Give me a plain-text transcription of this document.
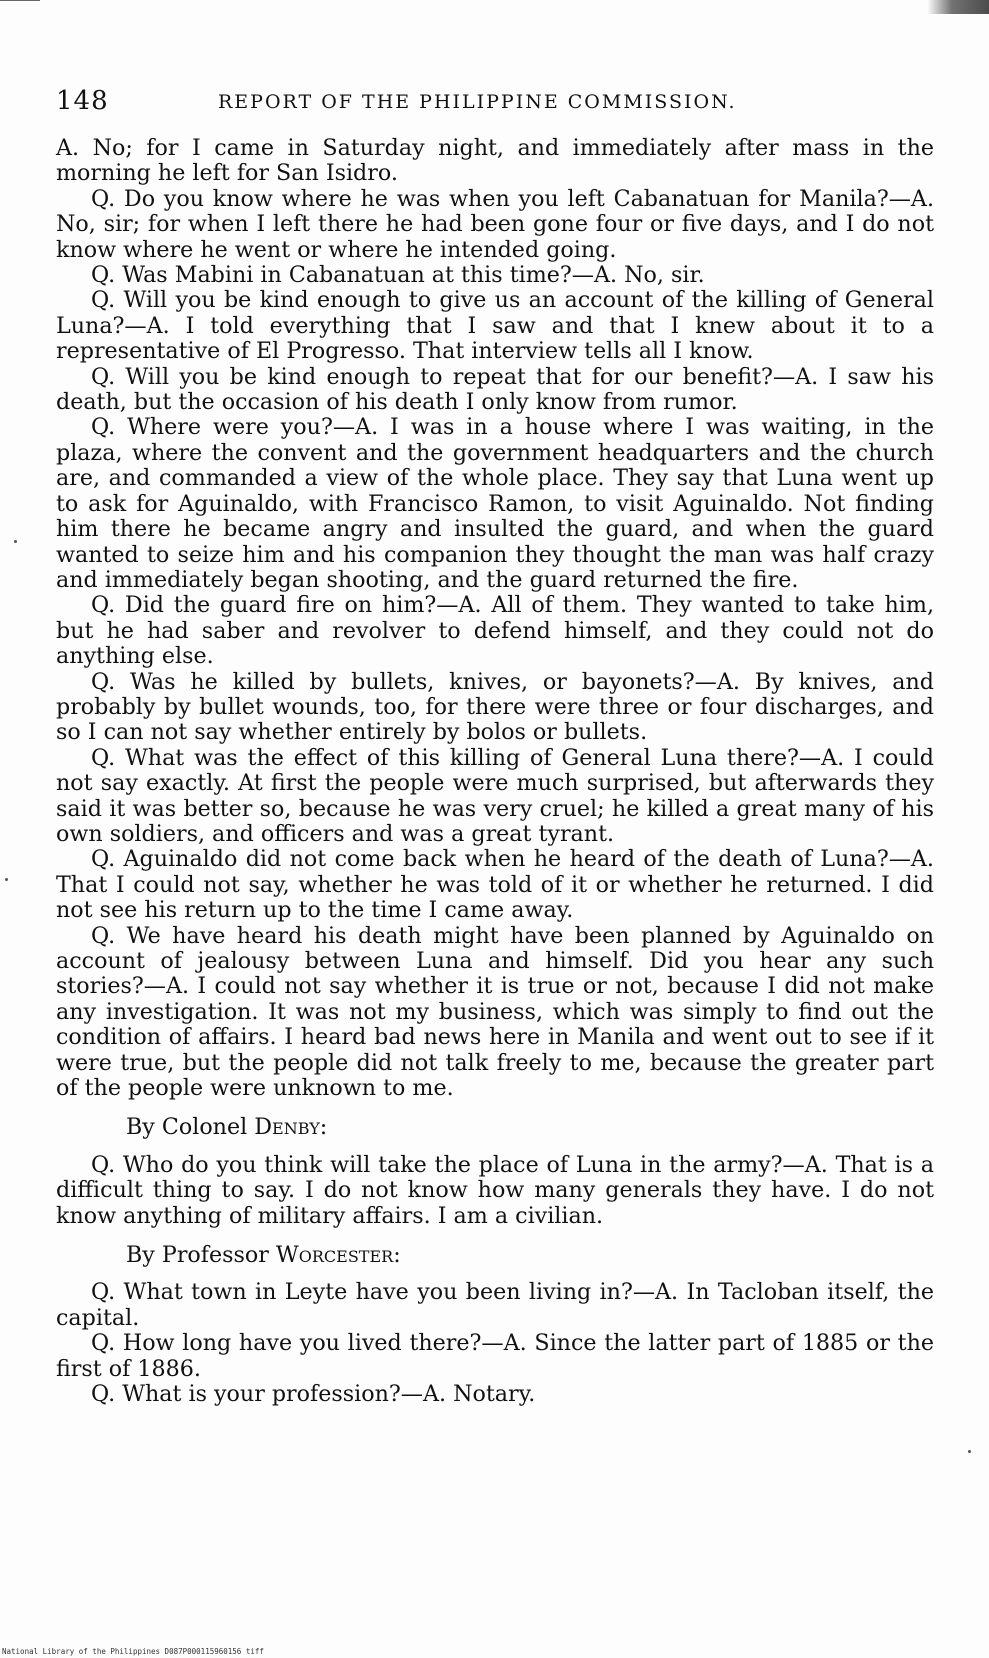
148	REPORT OF THE PHILIPPINE COMMISSION.

A. No; for I came in Saturday night, and immediately after mass in the morning he left for San Isidro.

Q. Do you know where he was when you left Cabanatuan for Manila?—A. No, sir; for when I left there he had been gone four or five days, and I do not know where he went or where he intended going.

Q. Was Mabini in Cabanatuan at this time?—A. No, sir.

Q. Will you be kind enough to give us an account of the killing of General Luna?—A. I told everything that I saw and that I knew about it to a representative of El Progresso. That interview tells all I know.

Q. Will you be kind enough to repeat that for our benefit?—A. I saw his death, but the occasion of his death I only know from rumor.

Q. Where were you?—A. I was in a house where I was waiting, in the plaza, where the convent and the government headquarters and the church are, and commanded a view of the whole place. They say that Luna went up to ask for Aguinaldo, with Francisco Ramon, to visit Aguinaldo. Not finding him there he became angry and insulted the guard, and when the guard wanted to seize him and his companion they thought the man was half crazy and immediately began shooting, and the guard returned the fire.

Q. Did the guard fire on him?—A. All of them. They wanted to take him, but he had saber and revolver to defend himself, and they could not do anything else.

Q. Was he killed by bullets, knives, or bayonets?—A. By knives, and probably by bullet wounds, too, for there were three or four discharges, and so I can not say whether entirely by bolos or bullets.

Q. What was the effect of this killing of General Luna there?—A. I could not say exactly. At first the people were much surprised, but afterwards they said it was better so, because he was very cruel; he killed a great many of his own soldiers, and officers and was a great tyrant.

Q. Aguinaldo did not come back when he heard of the death of Luna?—A. That I could not say, whether he was told of it or whether he returned. I did not see his return up to the time I came away.

Q. We have heard his death might have been planned by Aguinaldo on account of jealousy between Luna and himself. Did you hear any such stories?—A. I could not say whether it is true or not, because I did not make any investigation. It was not my business, which was simply to find out the condition of affairs. I heard bad news here in Manila and went out to see if it were true, but the people did not talk freely to me, because the greater part of the people were unknown to me.

By Colonel Denby:

Q. Who do you think will take the place of Luna in the army?—A. That is a difficult thing to say. I do not know how many generals they have. I do not know anything of military affairs. I am a civilian.

By Professor Worcester:

Q. What town in Leyte have you been living in?—A. In Tacloban itself, the capital.

Q. How long have you lived there?—A. Since the latter part of 1885 or the first of 1886.

Q. What is your profession?—A. Notary.

National Library of the Philippines D087P000115960156 tiff
